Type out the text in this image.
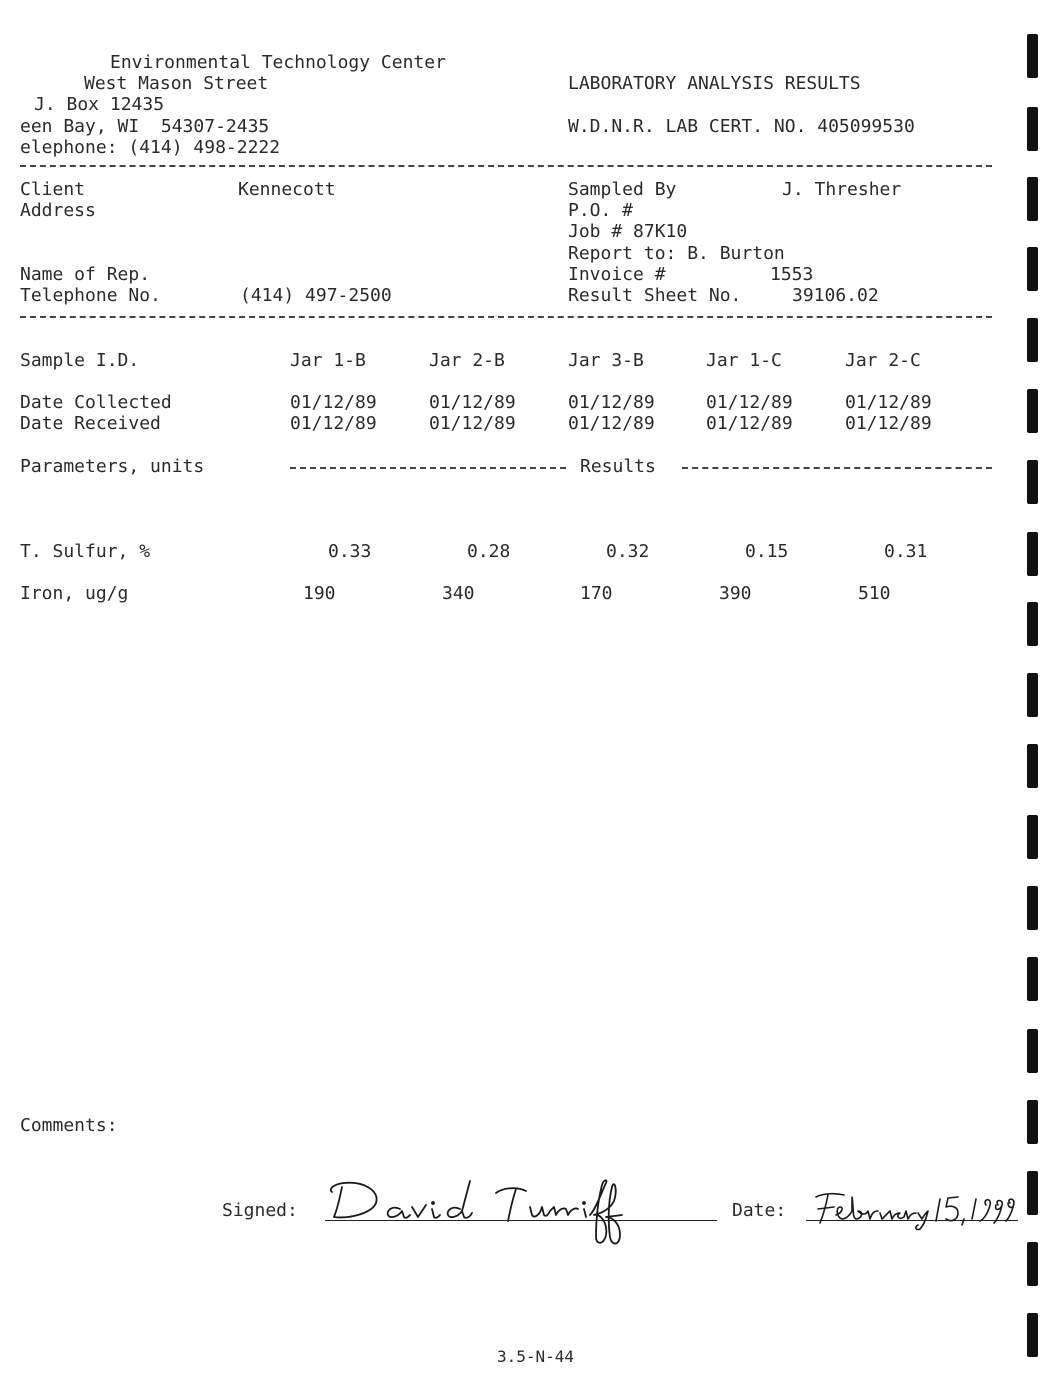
Environmental Technology Center
West Mason Street
J. Box 12435
een Bay, WI  54307-2435
elephone: (414) 498-2222
LABORATORY ANALYSIS RESULTS
W.D.N.R. LAB CERT. NO. 405099530
Client	Kennecott
Address
Name of Rep.
Telephone No.	(414) 497-2500
Sampled By	J. Thresher
P.O. #
Job # 87K10
Report to: B. Burton
Invoice #	1553
Result Sheet No.	39106.02
Sample I.D.	Jar 1-B	Jar 2-B	Jar 3-B	Jar 1-C	Jar 2-C
Date Collected	01/12/89	01/12/89	01/12/89	01/12/89	01/12/89
Date Received	01/12/89	01/12/89	01/12/89	01/12/89	01/12/89
Parameters, units	Results
T. Sulfur, %	0.33	0.28	0.32	0.15	0.31
Iron, ug/g	190	340	170	390	510
Comments:
Signed:	Date:
3.5-N-44
